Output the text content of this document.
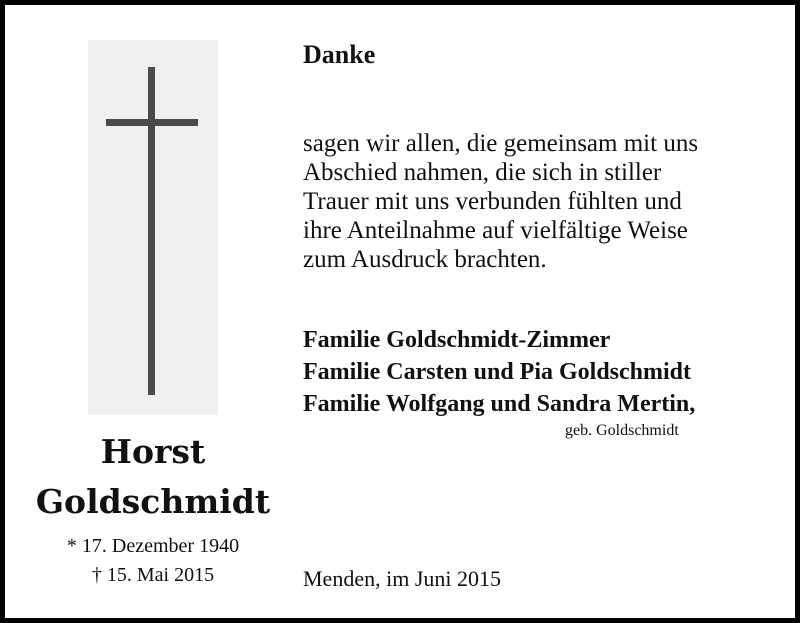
Horst
Goldschmidt
* 17. Dezember 1940
† 15. Mai 2015
Danke
sagen wir allen, die gemeinsam mit uns
Abschied nahmen, die sich in stiller
Trauer mit uns verbunden fühlten und
ihre Anteilnahme auf vielfältige Weise
zum Ausdruck brachten.
Familie Goldschmidt-Zimmer
Familie Carsten und Pia Goldschmidt
Familie Wolfgang und Sandra Mertin,
geb. Goldschmidt
Menden, im Juni 2015
